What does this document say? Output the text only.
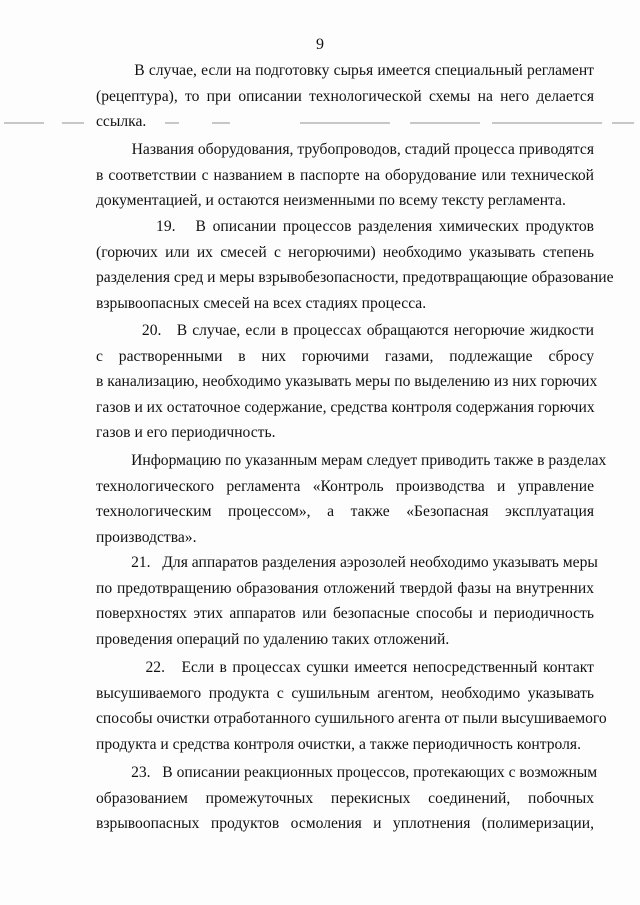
9
В случае, если на подготовку сырья имеется специальный регламент
(рецептура), то при описании технологической схемы на него делается
ссылка.
Названия оборудования, трубопроводов, стадий процесса приводятся
в соответствии с названием в паспорте на оборудование или технической
документацией, и остаются неизменными по всему тексту регламента.
19.   В описании процессов разделения химических продуктов
(горючих или их смесей с негорючими) необходимо указывать степень
разделения сред и меры взрывобезопасности, предотвращающие образование
взрывоопасных смесей на всех стадиях процесса.
20.   В случае, если в процессах обращаются негорючие жидкости
с растворенными в них горючими газами, подлежащие сбросу
в канализацию, необходимо указывать меры по выделению из них горючих
газов и их остаточное содержание, средства контроля содержания горючих
газов и его периодичность.
Информацию по указанным мерам следует приводить также в разделах
технологического регламента «Контроль производства и управление
технологическим процессом», а также «Безопасная эксплуатация
производства».
21.   Для аппаратов разделения аэрозолей необходимо указывать меры
по предотвращению образования отложений твердой фазы на внутренних
поверхностях этих аппаратов или безопасные способы и периодичность
проведения операций по удалению таких отложений.
22.   Если в процессах сушки имеется непосредственный контакт
высушиваемого продукта с сушильным агентом, необходимо указывать
способы очистки отработанного сушильного агента от пыли высушиваемого
продукта и средства контроля очистки, а также периодичность контроля.
23.   В описании реакционных процессов, протекающих с возможным
образованием промежуточных перекисных соединений, побочных
взрывоопасных продуктов осмоления и уплотнения (полимеризации,
